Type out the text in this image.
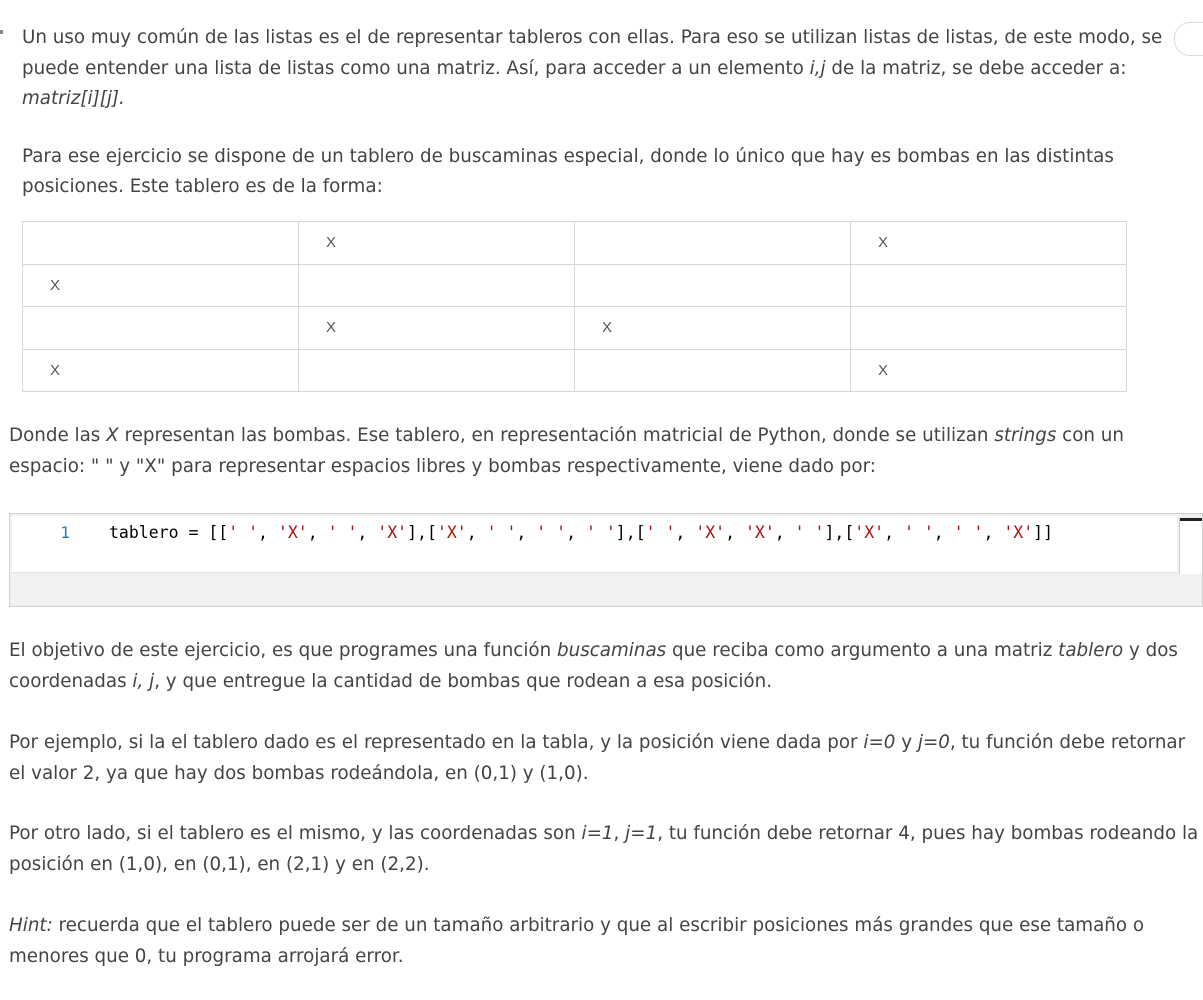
Un uso muy común de las listas es el de representar tableros con ellas. Para eso se utilizan listas de listas, de este modo, se puede entender una lista de listas como una matriz. Así, para acceder a un elemento i,j de la matriz, se debe acceder a: matriz[i][j].

Para ese ejercicio se dispone de un tablero de buscaminas especial, donde lo único que hay es bombas en las distintas posiciones. Este tablero es de la forma:

	X		X
X			
	X	X	
X			X

Donde las X representan las bombas. Ese tablero, en representación matricial de Python, donde se utilizan strings con un espacio: " " y "X" para representar espacios libres y bombas respectivamente, viene dado por:

1 tablero = [[' ', 'X', ' ', 'X'],['X', ' ', ' ', ' '],[' ', 'X', 'X', ' '],['X', ' ', ' ', 'X']]

El objetivo de este ejercicio, es que programes una función buscaminas que reciba como argumento a una matriz tablero y dos coordenadas i, j, y que entregue la cantidad de bombas que rodean a esa posición.

Por ejemplo, si la el tablero dado es el representado en la tabla, y la posición viene dada por i=0 y j=0, tu función debe retornar el valor 2, ya que hay dos bombas rodeándola, en (0,1) y (1,0).

Por otro lado, si el tablero es el mismo, y las coordenadas son i=1, j=1, tu función debe retornar 4, pues hay bombas rodeando la posición en (1,0), en (0,1), en (2,1) y en (2,2).

Hint: recuerda que el tablero puede ser de un tamaño arbitrario y que al escribir posiciones más grandes que ese tamaño o menores que 0, tu programa arrojará error.
